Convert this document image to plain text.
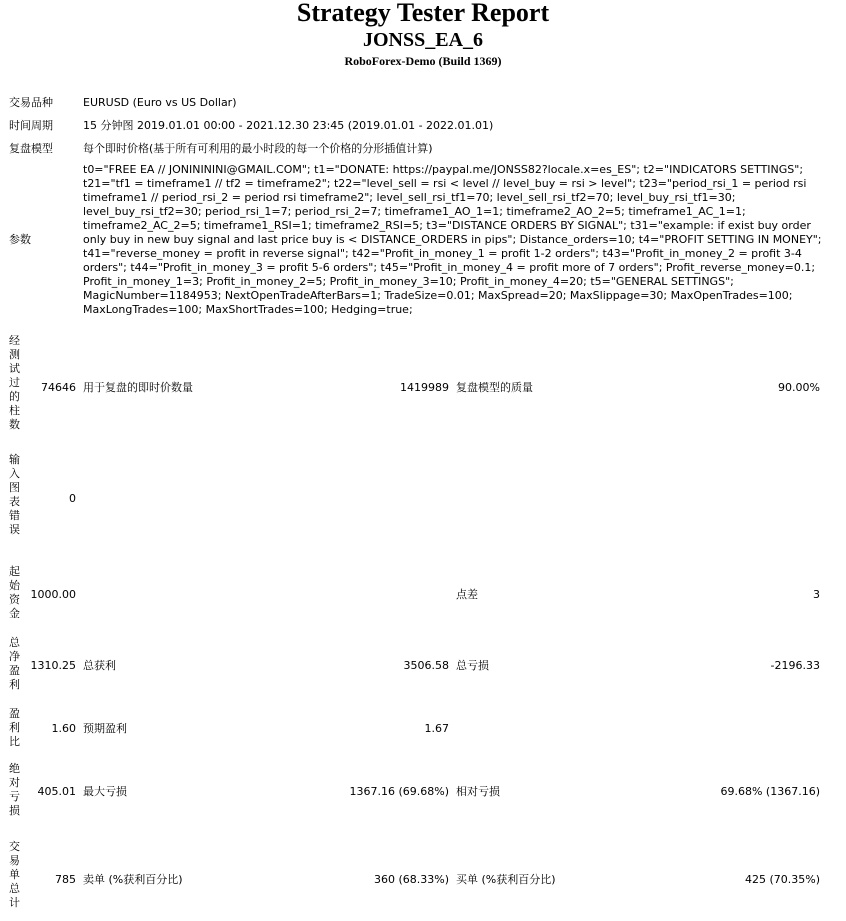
Strategy Tester Report
JONSS_EA_6
RoboForex-Demo (Build 1369)
交易品种	EURUSD (Euro vs US Dollar)
时间周期	15 分钟图 2019.01.01 00:00 - 2021.12.30 23:45 (2019.01.01 - 2022.01.01)
复盘模型	每个即时价格(基于所有可利用的最小时段的每一个价格的分形插值计算)
参数
t0="FREE EA // JONINININI@GMAIL.COM"; t1="DONATE: https://paypal.me/JONSS82?locale.x=es_ES"; t2="INDICATORS SETTINGS"; t21="tf1 = timeframe1 // tf2 = timeframe2"; t22="level_sell = rsi < level // level_buy = rsi > level"; t23="period_rsi_1 = period rsi timeframe1 // period_rsi_2 = period rsi timeframe2"; level_sell_rsi_tf1=70; level_sell_rsi_tf2=70; level_buy_rsi_tf1=30; level_buy_rsi_tf2=30; period_rsi_1=7; period_rsi_2=7; timeframe1_AO_1=1; timeframe2_AO_2=5; timeframe1_AC_1=1; timeframe2_AC_2=5; timeframe1_RSI=1; timeframe2_RSI=5; t3="DISTANCE ORDERS BY SIGNAL"; t31="example: if exist buy order only buy in new buy signal and last price buy is < DISTANCE_ORDERS in pips"; Distance_orders=10; t4="PROFIT SETTING IN MONEY"; t41="reverse_money = profit in reverse signal"; t42="Profit_in_money_1 = profit 1-2 orders"; t43="Profit_in_money_2 = profit 3-4 orders"; t44="Profit_in_money_3 = profit 5-6 orders"; t45="Profit_in_money_4 = profit more of 7 orders"; Profit_reverse_money=0.1; Profit_in_money_1=3; Profit_in_money_2=5; Profit_in_money_3=10; Profit_in_money_4=20; t5="GENERAL SETTINGS"; MagicNumber=1184953; NextOpenTradeAfterBars=1; TradeSize=0.01; MaxSpread=20; MaxSlippage=30; MaxOpenTrades=100; MaxLongTrades=100; MaxShortTrades=100; Hedging=true;
经测试过的柱数
74646 用于复盘的即时价数量	1419989 复盘模型的质量	90.00%
输入图表错误
0
起始资金
1000.00	点差	3
总净盈利
1310.25 总获利	3506.58 总亏损	-2196.33
盈利比
1.60 预期盈利	1.67
绝对亏损
405.01 最大亏损	1367.16 (69.68%) 相对亏损	69.68% (1367.16)
交易单总计
785 卖单 (%获利百分比)	360 (68.33%) 买单 (%获利百分比)	425 (70.35%)
